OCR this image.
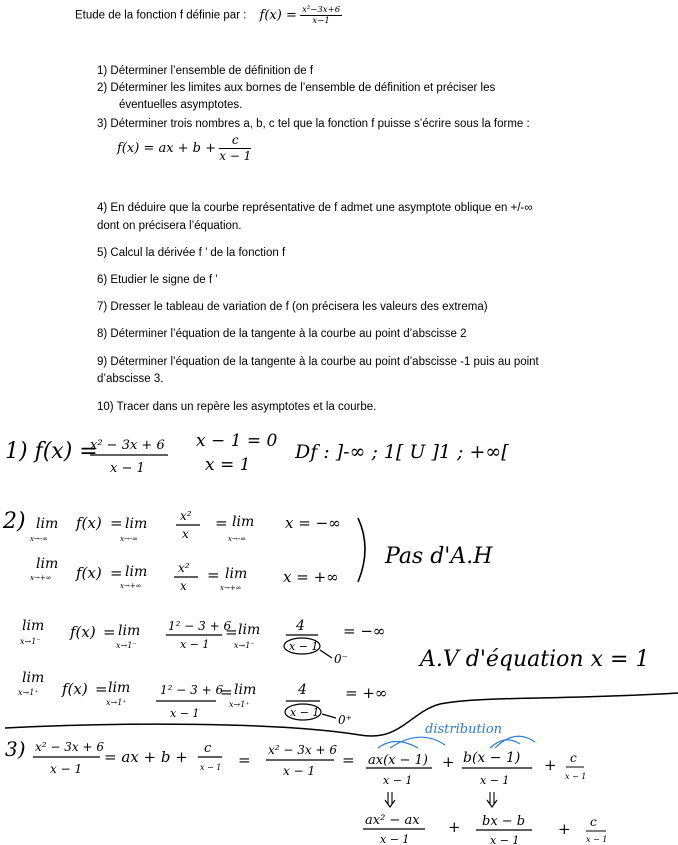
Etude de la fonction f définie par : $f(x) = \frac{\text{x²−3x+6}}{x-1}$
1) Déterminer l’ensemble de définition de f
2) Déterminer les limites aux bornes de l’ensemble de définition et préciser les
éventuelles asymptotes.
3) Déterminer trois nombres a, b, c tel que la fonction f puisse s’écrire sous la forme :
f(x) = ax + $b + \frac{c}{x - 1}$
4) En déduire que la courbe représentative de f admet une asymptote oblique en +/-∞
dont on précisera l’équation.
5) Calcul la dérivée f ’ de la fonction f
6) Etudier le signe de f ’
7) Dresser le tableau de variation de f (on précisera les valeurs des extrema)
8) Déterminer l’équation de la tangente à la courbe au point d’abscisse 2
9) Déterminer l’équation de la tangente à la courbe au point d’abscisse -1 puis au point
d’abscisse 3.
10) Tracer dans un repère les asymptotes et la courbe.
1) f(x) =
x² − 3x + 6
x − 1
x − 1 = 0
x = 1
Df : ]-∞ ; 1[ U ]1 ; +∞[
2) lim
x→-∞
f(x) = lim
x→-∞
x²
x
= lim
x→-∞
x = −∞
lim
x→+∞ f(x) = lim
x→+∞
x²
x
= lim
x→+∞
x = +∞
Pas d'A.H
lim
x→1⁻
f(x) = lim
x→1⁻
1² − 3 + 6
x − 1
= lim
x→1⁻
4
x − 1
0⁻
= −∞
A.V d'équation x = 1
lim
x→1⁺ f(x) = lim
x→1⁺
1² − 3 + 6
x − 1
= lim
x→1⁺
4
x − 1
0⁺
= +∞
3) x² − 3x + 6
x − 1
= ax + b + c
x − 1 =
x² − 3x + 6
x − 1
=
distribution
ax(x − 1)
x − 1
+ b(x − 1)
x − 1
+ c
x − 1
ax² − ax
x − 1
+ bx − b
x − 1
+ c
x − 1
